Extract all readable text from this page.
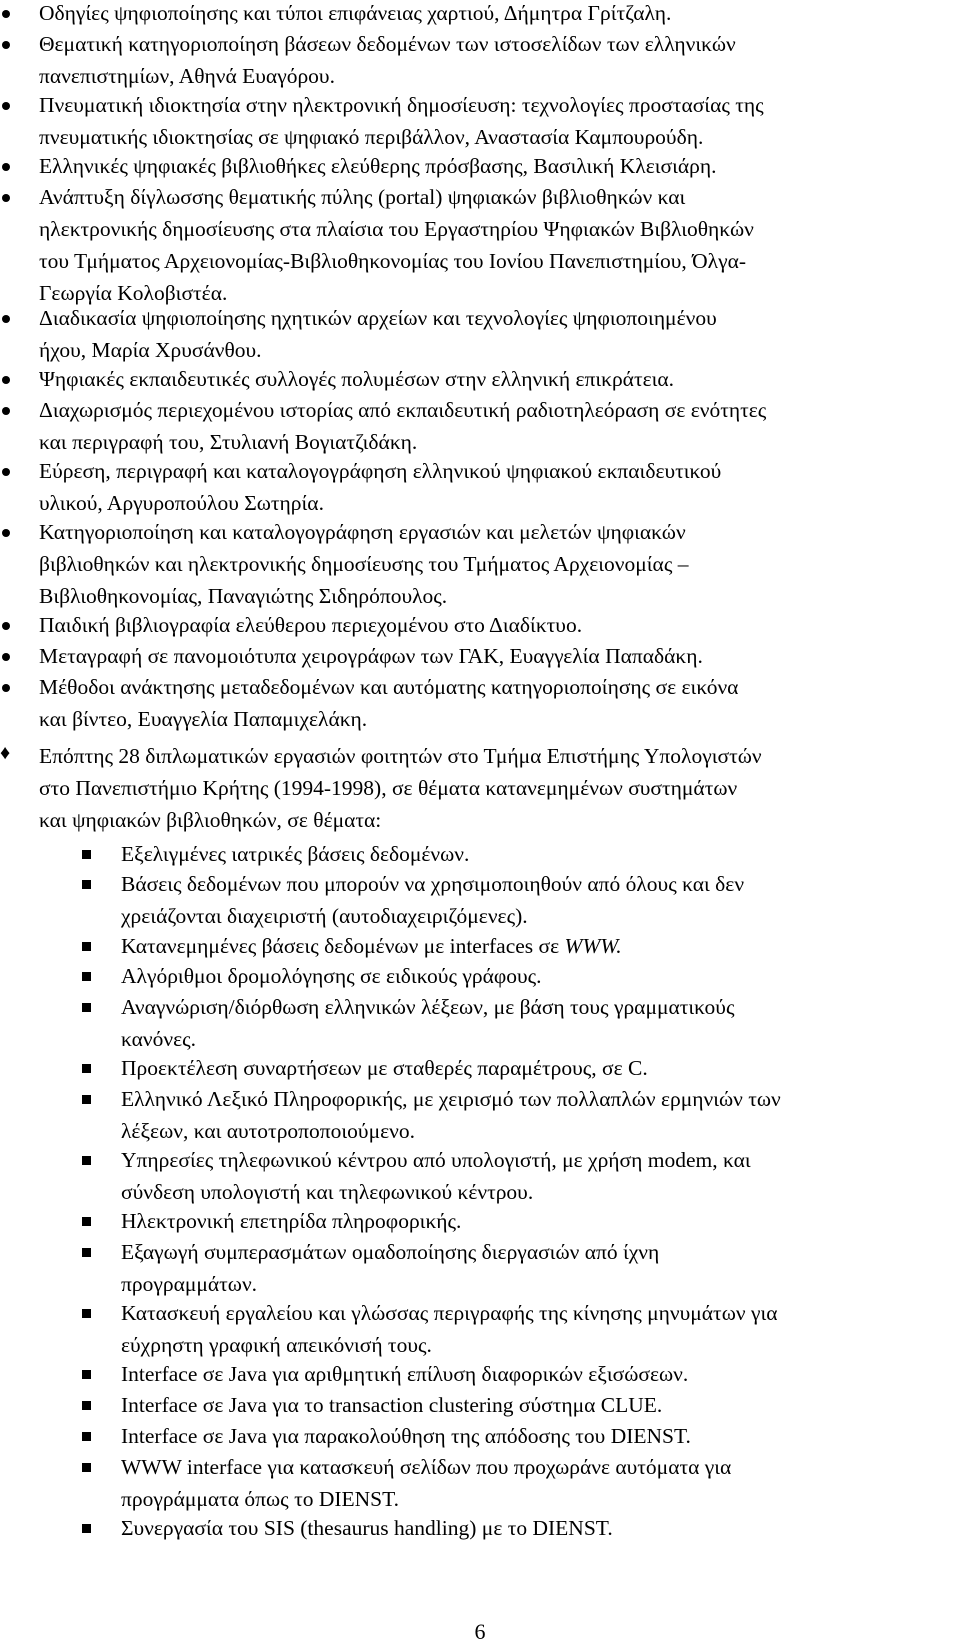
Οδηγίες ψηφιοποίησης και τύποι επιφάνειας χαρτιού, Δήμητρα Γρίτζαλη.
Θεματική κατηγοριοποίηση βάσεων δεδομένων των ιστοσελίδων των ελληνικών
πανεπιστημίων, Αθηνά Ευαγόρου.
Πνευματική ιδιοκτησία στην ηλεκτρονική δημοσίευση: τεχνολογίες προστασίας της
πνευματικής ιδιοκτησίας σε ψηφιακό περιβάλλον, Αναστασία Καμπουρούδη.
Ελληνικές ψηφιακές βιβλιοθήκες ελεύθερης πρόσβασης, Βασιλική Κλεισιάρη.
Ανάπτυξη δίγλωσσης θεματικής πύλης (portal) ψηφιακών βιβλιοθηκών και
ηλεκτρονικής δημοσίευσης στα πλαίσια του Εργαστηρίου Ψηφιακών Βιβλιοθηκών
του Τμήματος Αρχειονομίας-Βιβλιοθηκονομίας του Ιονίου Πανεπιστημίου, Όλγα-
Γεωργία Κολοβιστέα.
Διαδικασία ψηφιοποίησης ηχητικών αρχείων και τεχνολογίες ψηφιοποιημένου
ήχου, Μαρία Χρυσάνθου.
Ψηφιακές εκπαιδευτικές συλλογές πολυμέσων στην ελληνική επικράτεια.
Διαχωρισμός περιεχομένου ιστορίας από εκπαιδευτική ραδιοτηλεόραση σε ενότητες
και περιγραφή του, Στυλιανή Βογιατζιδάκη.
Εύρεση, περιγραφή και καταλογογράφηση ελληνικού ψηφιακού εκπαιδευτικού
υλικού, Αργυροπούλου Σωτηρία.
Κατηγοριοποίηση και καταλογογράφηση εργασιών και μελετών ψηφιακών
βιβλιοθηκών και ηλεκτρονικής δημοσίευσης του Τμήματος Αρχειονομίας –
Βιβλιοθηκονομίας, Παναγιώτης Σιδηρόπουλος.
Παιδική βιβλιογραφία ελεύθερου περιεχομένου στο Διαδίκτυο.
Μεταγραφή σε πανομοιότυπα χειρογράφων των ΓΑΚ, Ευαγγελία Παπαδάκη.
Μέθοδοι ανάκτησης μεταδεδομένων και αυτόματης κατηγοριοποίησης σε εικόνα
και βίντεο, Ευαγγελία Παπαμιχελάκη.
♦ Επόπτης 28 διπλωματικών εργασιών φοιτητών στο Τμήμα Επιστήμης Υπολογιστών
στο Πανεπιστήμιο Κρήτης (1994-1998), σε θέματα κατανεμημένων συστημάτων
και ψηφιακών βιβλιοθηκών, σε θέματα:
Εξελιγμένες ιατρικές βάσεις δεδομένων.
Βάσεις δεδομένων που μπορούν να χρησιμοποιηθούν από όλους και δεν
χρειάζονται διαχειριστή (αυτοδιαχειριζόμενες).
Κατανεμημένες βάσεις δεδομένων με interfaces σε WWW.
Αλγόριθμοι δρομολόγησης σε ειδικούς γράφους.
Αναγνώριση/διόρθωση ελληνικών λέξεων, με βάση τους γραμματικούς
κανόνες.
Προεκτέλεση συναρτήσεων με σταθερές παραμέτρους, σε C.
Ελληνικό Λεξικό Πληροφορικής, με χειρισμό των πολλαπλών ερμηνιών των
λέξεων, και αυτοτροποποιούμενο.
Υπηρεσίες τηλεφωνικού κέντρου από υπολογιστή, με χρήση modem, και
σύνδεση υπολογιστή και τηλεφωνικού κέντρου.
Ηλεκτρονική επετηρίδα πληροφορικής.
Εξαγωγή συμπερασμάτων ομαδοποίησης διεργασιών από ίχνη
προγραμμάτων.
Κατασκευή εργαλείου και γλώσσας περιγραφής της κίνησης μηνυμάτων για
εύχρηστη γραφική απεικόνισή τους.
Interface σε Java για αριθμητική επίλυση διαφορικών εξισώσεων.
Interface σε Java για το transaction clustering σύστημα CLUE.
Interface σε Java για παρακολούθηση της απόδοσης του DIENST.
WWW interface για κατασκευή σελίδων που προχωράνε αυτόματα για
προγράμματα όπως το DIENST.
Συνεργασία του SIS (thesaurus handling) με το DIENST.
6
